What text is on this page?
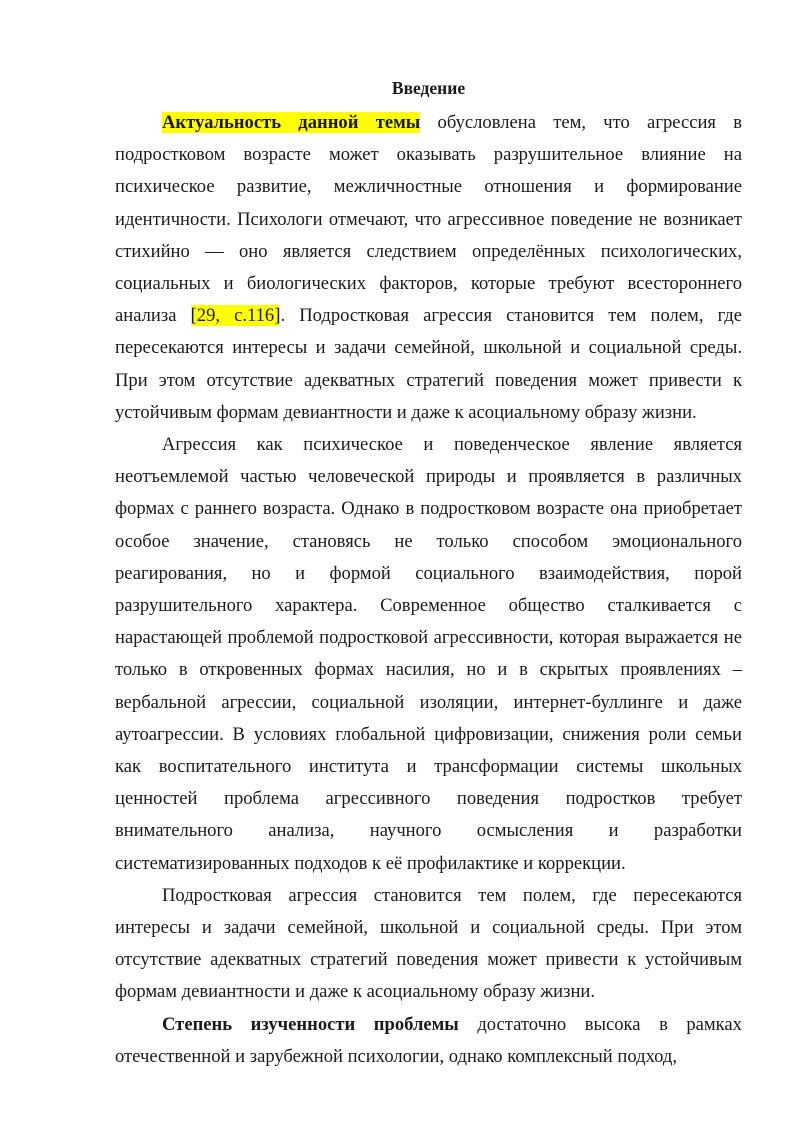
Введение

Актуальность данной темы обусловлена тем, что агрессия в подростковом возрасте может оказывать разрушительное влияние на психическое развитие, межличностные отношения и формирование идентичности. Психологи отмечают, что агрессивное поведение не возникает стихийно — оно является следствием определённых психологических, социальных и биологических факторов, которые требуют всестороннего анализа [29, с.116]. Подростковая агрессия становится тем полем, где пересекаются интересы и задачи семейной, школьной и социальной среды. При этом отсутствие адекватных стратегий поведения может привести к устойчивым формам девиантности и даже к асоциальному образу жизни.

Агрессия как психическое и поведенческое явление является неотъемлемой частью человеческой природы и проявляется в различных формах с раннего возраста. Однако в подростковом возрасте она приобретает особое значение, становясь не только способом эмоционального реагирования, но и формой социального взаимодействия, порой разрушительного характера. Современное общество сталкивается с нарастающей проблемой подростковой агрессивности, которая выражается не только в откровенных формах насилия, но и в скрытых проявлениях – вербальной агрессии, социальной изоляции, интернет-буллинге и даже аутоагрессии. В условиях глобальной цифровизации, снижения роли семьи как воспитательного института и трансформации системы школьных ценностей проблема агрессивного поведения подростков требует внимательного анализа, научного осмысления и разработки систематизированных подходов к её профилактике и коррекции.

Подростковая агрессия становится тем полем, где пересекаются интересы и задачи семейной, школьной и социальной среды. При этом отсутствие адекватных стратегий поведения может привести к устойчивым формам девиантности и даже к асоциальному образу жизни.

Степень изученности проблемы достаточно высока в рамках отечественной и зарубежной психологии, однако комплексный подход,
